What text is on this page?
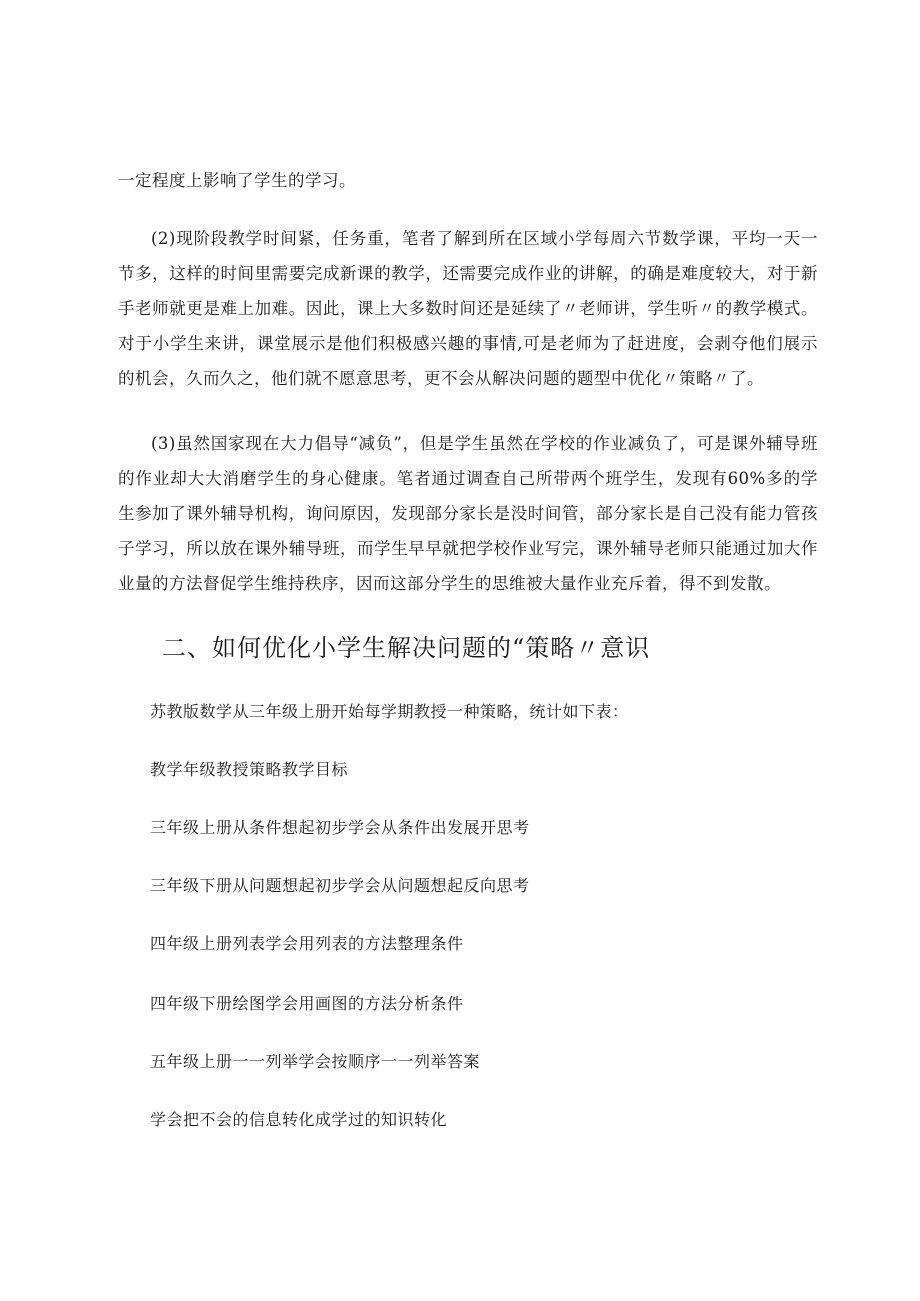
一定程度上影响了学生的学习。

(2)现阶段教学时间紧，任务重，笔者了解到所在区域小学每周六节数学课，平均一天一节多，这样的时间里需要完成新课的教学，还需要完成作业的讲解，的确是难度较大，对于新手老师就更是难上加难。因此，课上大多数时间还是延续了〃老师讲，学生听〃的教学模式。对于小学生来讲，课堂展示是他们积极感兴趣的事情,可是老师为了赶进度，会剥夺他们展示的机会，久而久之，他们就不愿意思考，更不会从解决问题的题型中优化〃策略〃了。

(3)虽然国家现在大力倡导“减负”，但是学生虽然在学校的作业减负了，可是课外辅导班的作业却大大消磨学生的身心健康。笔者通过调查自己所带两个班学生，发现有60%多的学生参加了课外辅导机构，询问原因，发现部分家长是没时间管，部分家长是自己没有能力管孩子学习，所以放在课外辅导班，而学生早早就把学校作业写完，课外辅导老师只能通过加大作业量的方法督促学生维持秩序，因而这部分学生的思维被大量作业充斥着，得不到发散。

二、如何优化小学生解决问题的“策略〃意识

苏教版数学从三年级上册开始每学期教授一种策略，统计如下表：

教学年级教授策略教学目标

三年级上册从条件想起初步学会从条件出发展开思考

三年级下册从问题想起初步学会从问题想起反向思考

四年级上册列表学会用列表的方法整理条件

四年级下册绘图学会用画图的方法分析条件

五年级上册一一列举学会按顺序一一列举答案

学会把不会的信息转化成学过的知识转化
